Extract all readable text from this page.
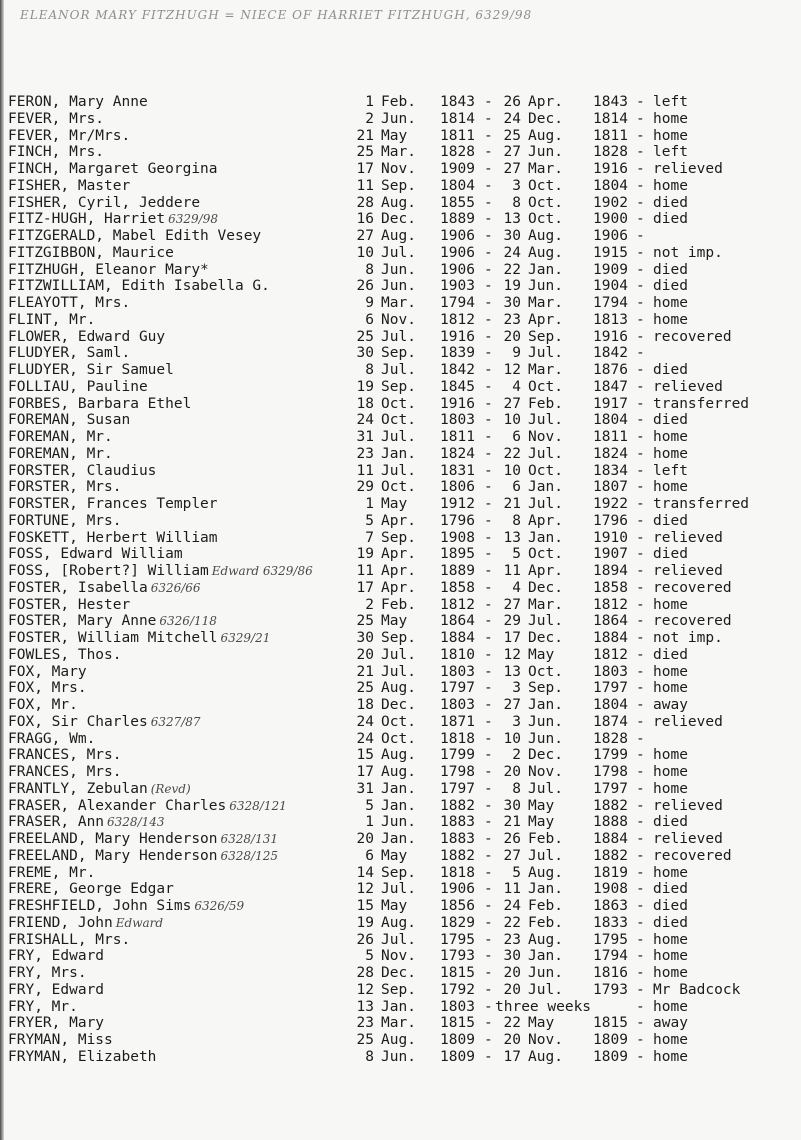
ELEANOR MARY FITZHUGH = NIECE OF HARRIET FITZHUGH, 6329/98
FERON, Mary Anne	1 Feb. 1843 - 26 Apr. 1843 - left
FEVER, Mrs.	2 Jun. 1814 - 24 Dec. 1814 - home
FEVER, Mr/Mrs.	21 May 1811 - 25 Aug. 1811 - home
FINCH, Mrs.	25 Mar. 1828 - 27 Jun. 1828 - left
FINCH, Margaret Georgina	17 Nov. 1909 - 27 Mar. 1916 - relieved
FISHER, Master	11 Sep. 1804 -	3 Oct. 1804 - home
FISHER, Cyril, Jeddere	28 Aug. 1855 -	8 Oct. 1902 - died
FITZ-HUGH, Harriet 6329/98	16 Dec. 1889 - 13 Oct. 1900 - died
FITZGERALD, Mabel Edith Vesey	27 Aug. 1906 - 30 Aug. 1906 -
FITZGIBBON, Maurice	10 Jul. 1906 - 24 Aug. 1915 - not imp.
FITZHUGH, Eleanor Mary*	8 Jun. 1906 - 22 Jan. 1909 - died
FITZWILLIAM, Edith Isabella G.	26 Jun. 1903 - 19 Jun. 1904 - died
FLEAYOTT, Mrs.	9 Mar. 1794 - 30 Mar. 1794 - home
FLINT, Mr.	6 Nov. 1812 - 23 Apr. 1813 - home
FLOWER, Edward Guy	25 Jul. 1916 - 20 Sep. 1916 - recovered
FLUDYER, Saml.	30 Sep. 1839 -	9 Jul. 1842 -
FLUDYER, Sir Samuel	8 Jul. 1842 - 12 Mar. 1876 - died
FOLLIAU, Pauline	19 Sep. 1845 -	4 Oct. 1847 - relieved
FORBES, Barbara Ethel	18 Oct. 1916 - 27 Feb. 1917 - transferred
FOREMAN, Susan	24 Oct. 1803 - 10 Jul. 1804 - died
FOREMAN, Mr.	31 Jul. 1811 -	6 Nov. 1811 - home
FOREMAN, Mr.	23 Jan. 1824 - 22 Jul. 1824 - home
FORSTER, Claudius	11 Jul. 1831 - 10 Oct. 1834 - left
FORSTER, Mrs.	29 Oct. 1806 -	6 Jan. 1807 - home
FORSTER, Frances Templer	1 May 1912 - 21 Jul. 1922 - transferred
FORTUNE, Mrs.	5 Apr. 1796 -	8 Apr. 1796 - died
FOSKETT, Herbert William	7 Sep. 1908 - 13 Jan. 1910 - relieved
FOSS, Edward William	19 Apr. 1895 -	5 Oct. 1907 - died
FOSS, [Robert?] William Edward 6329/86	11 Apr. 1889 - 11 Apr. 1894 - relieved
FOSTER, Isabella 6326/66	17 Apr. 1858 -	4 Dec. 1858 - recovered
FOSTER, Hester	2 Feb. 1812 - 27 Mar. 1812 - home
FOSTER, Mary Anne 6326/118	25 May 1864 - 29 Jul. 1864 - recovered
FOSTER, William Mitchell 6329/21	30 Sep. 1884 - 17 Dec. 1884 - not imp.
FOWLES, Thos.	20 Jul. 1810 - 12 May	1812 - died
FOX, Mary	21 Jul. 1803 - 13 Oct. 1803 - home
FOX, Mrs.	25 Aug. 1797 -	3 Sep. 1797 - home
FOX, Mr.	18 Dec. 1803 - 27 Jan. 1804 - away
FOX, Sir Charles 6327/87	24 Oct. 1871 -	3 Jun. 1874 - relieved
FRAGG, Wm.	24 Oct. 1818 - 10 Jun. 1828 -
FRANCES, Mrs.	15 Aug. 1799 -	2 Dec. 1799 - home
FRANCES, Mrs.	17 Aug. 1798 - 20 Nov. 1798 - home
FRANTLY, Zebulan (Revd)	31 Jan. 1797 -	8 Jul. 1797 - home
FRASER, Alexander Charles 6328/121	5 Jan. 1882 - 30 May	1882 - relieved
FRASER, Ann 6328/143	1 Jun. 1883 - 21 May	1888 - died
FREELAND, Mary Henderson 6328/131	20 Jan. 1883 - 26 Feb. 1884 - relieved
FREELAND, Mary Henderson 6328/125	6 May 1882 - 27 Jul. 1882 - recovered
FREME, Mr.	14 Sep. 1818 -	5 Aug. 1819 - home
FRERE, George Edgar	12 Jul. 1906 - 11 Jan. 1908 - died
FRESHFIELD, John Sims 6326/59	15 May 1856 - 24 Feb. 1863 - died
FRIEND, John Edward	19 Aug. 1829 - 22 Feb. 1833 - died
FRISHALL, Mrs.	26 Jul. 1795 - 23 Aug. 1795 - home
FRY, Edward	5 Nov. 1793 - 30 Jan. 1794 - home
FRY, Mrs.	28 Dec. 1815 - 20 Jun. 1816 - home
FRY, Edward	12 Sep. 1792 - 20 Jul. 1793 - Mr Badcock
FRY, Mr.	13 Jan. 1803 - three weeks	- home
FRYER, Mary	23 Mar. 1815 - 22 May	1815 - away
FRYMAN, Miss	25 Aug. 1809 - 20 Nov. 1809 - home
FRYMAN, Elizabeth	8 Jun. 1809 - 17 Aug. 1809 - home
